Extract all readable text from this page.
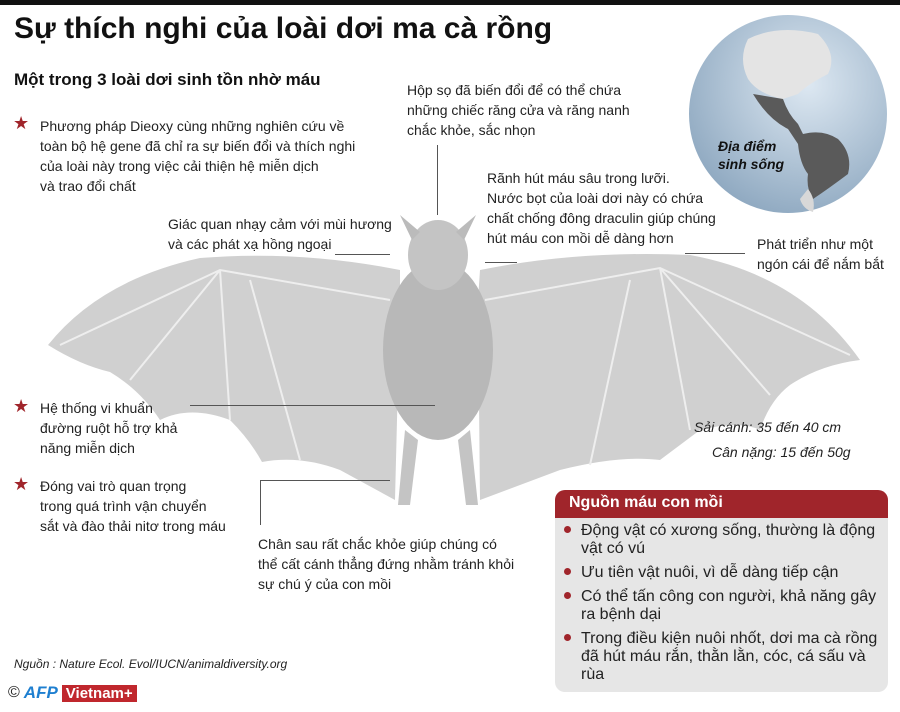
Sự thích nghi của loài dơi ma cà rồng
Một trong 3 loài dơi sinh tồn nhờ máu
Địa điểm
sinh sống
★ Phương pháp Dieoxy cùng những nghiên cứu về
toàn bộ hệ gene đã chỉ ra sự biến đổi và thích nghi
của loài này trong việc cải thiện hệ miễn dịch
và trao đổi chất
Hộp sọ đã biến đổi để có thể chứa
những chiếc răng cửa và răng nanh
chắc khỏe, sắc nhọn
Rãnh hút máu sâu trong lưỡi.
Nước bọt của loài dơi này có chứa
chất chống đông draculin giúp chúng
hút máu con mồi dễ dàng hơn
Giác quan nhạy cảm với mùi hương
và các phát xạ hồng ngoại	Phát triển như một
ngón cái để nắm bắt
★ Hệ thống vi khuẩn
đường ruột hỗ trợ khả
năng miễn dịch
★ Đóng vai trò quan trọng
trong quá trình vận chuyển
sắt và đào thải nitơ trong máu
Chân sau rất chắc khỏe giúp chúng có
thể cất cánh thẳng đứng nhằm tránh khỏi
sự chú ý của con mồi
Sải cánh: 35 đến 40 cm
Cân nặng: 15 đến 50g
Nguồn máu con mồi
Động vật có xương sống, thường là động vật có vú
Ưu tiên vật nuôi, vì dễ dàng tiếp cận
Có thể tấn công con người, khả năng gây ra bệnh dại
Trong điều kiện nuôi nhốt, dơi ma cà rồng đã hút máu rắn, thằn lằn, cóc, cá sấu và rùa
Nguồn : Nature Ecol. Evol/IUCN/animaldiversity.org
© AFP Vietnam+
